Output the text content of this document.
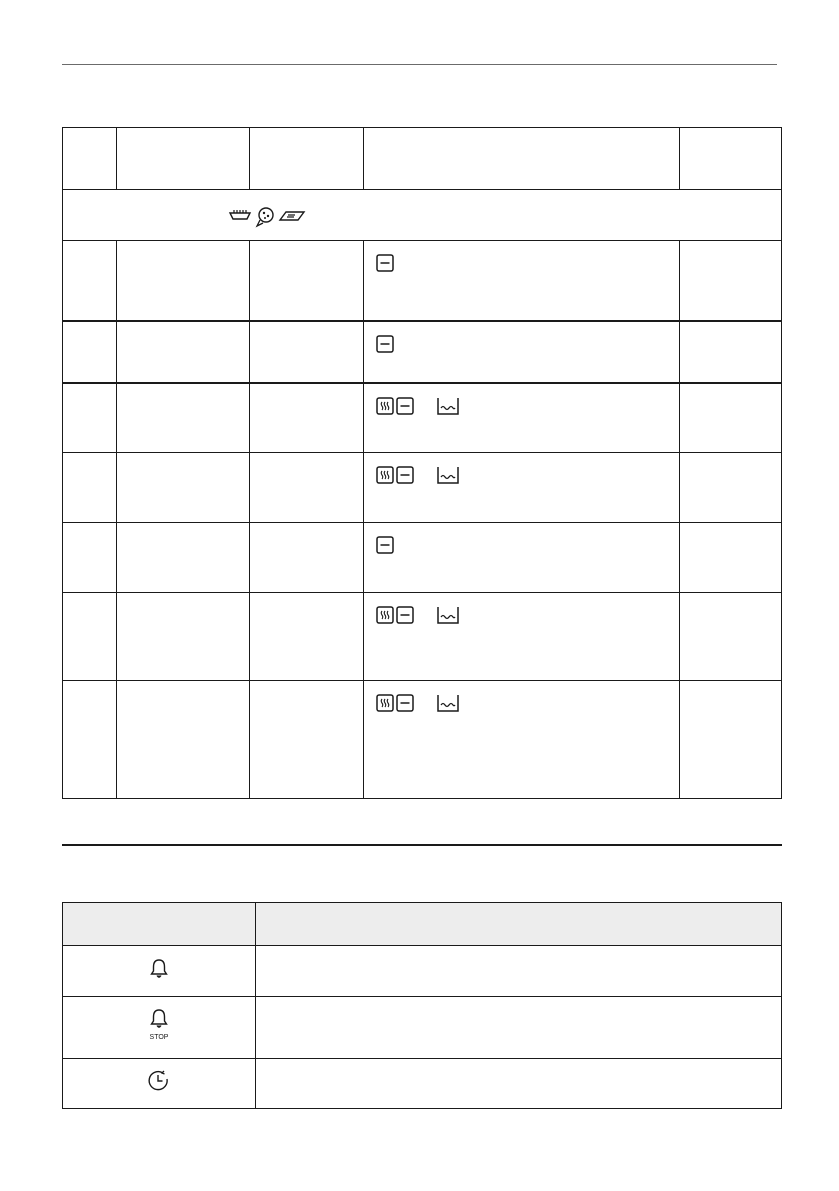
STOP	
